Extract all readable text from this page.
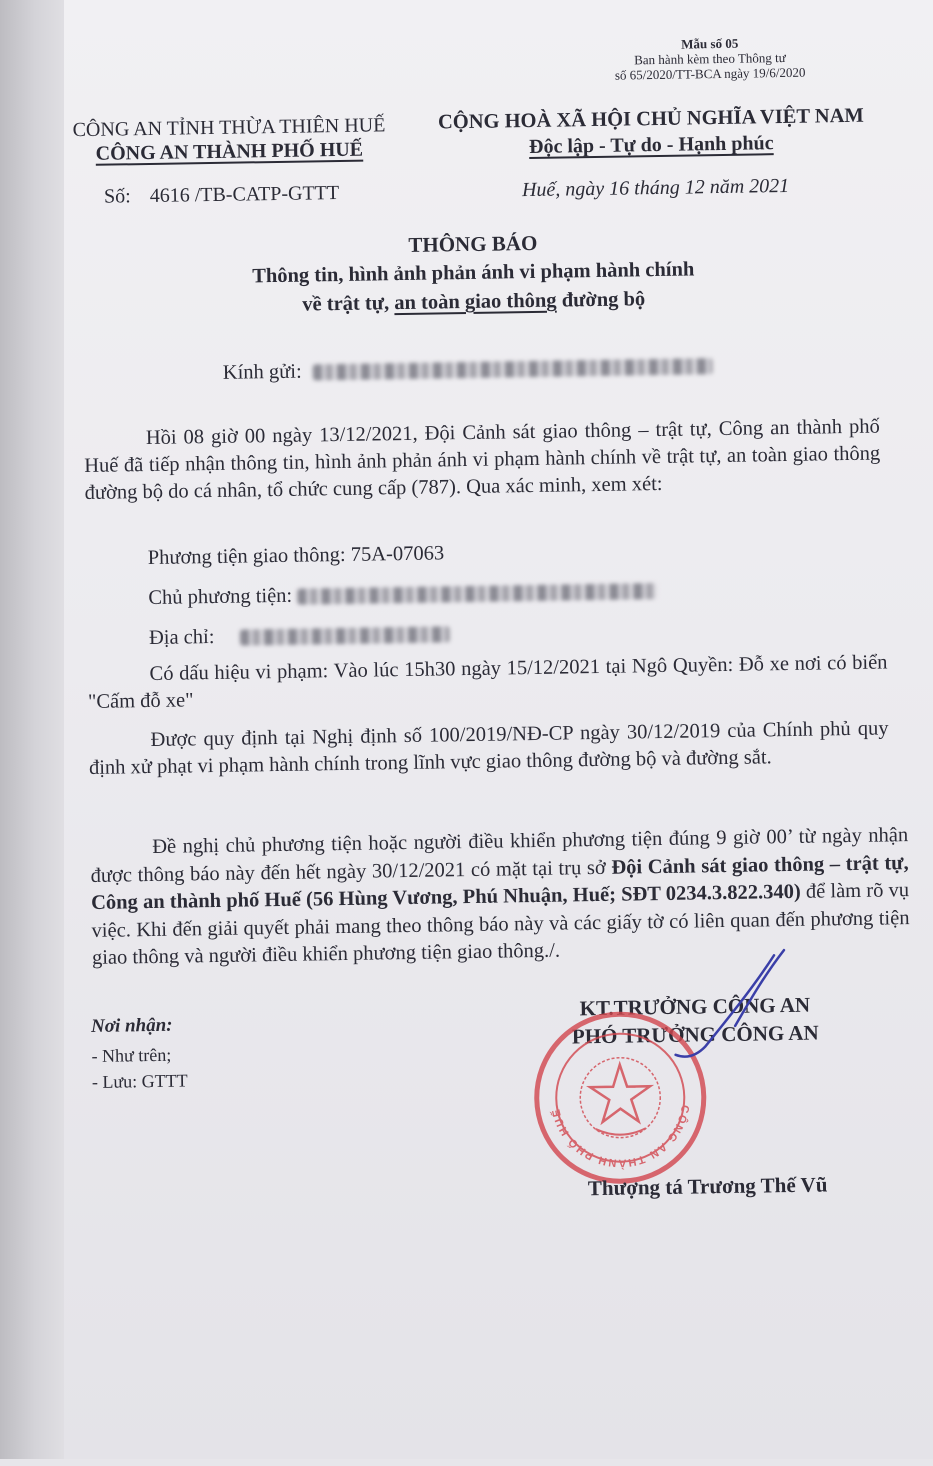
Mẫu số 05
Ban hành kèm theo Thông tư
số 65/2020/TT-BCA ngày 19/6/2020
CÔNG AN TỈNH THỪA THIÊN HUẾ
CÔNG AN THÀNH PHỐ HUẾ
CỘNG HOÀ XÃ HỘI CHỦ NGHĨA VIỆT NAM
Độc lập - Tự do - Hạnh phúc
Số: 4616 /TB-CATP-GTTT	Huế, ngày 16 tháng 12 năm 2021
THÔNG BÁO
Thông tin, hình ảnh phản ánh vi phạm hành chính
về trật tự, an toàn giao thông đường bộ
Kính gửi:
Hồi 08 giờ 00 ngày 13/12/2021, Đội Cảnh sát giao thông – trật tự, Công an thành phố Huế đã tiếp nhận thông tin, hình ảnh phản ánh vi phạm hành chính về trật tự, an toàn giao thông đường bộ do cá nhân, tổ chức cung cấp (787). Qua xác minh, xem xét:
Phương tiện giao thông: 75A-07063
Chủ phương tiện:
Địa chỉ:
Có dấu hiệu vi phạm: Vào lúc 15h30 ngày 15/12/2021 tại Ngô Quyền: Đỗ xe nơi có biển "Cấm đỗ xe"
Được quy định tại Nghị định số 100/2019/NĐ-CP ngày 30/12/2019 của Chính phủ quy định xử phạt vi phạm hành chính trong lĩnh vực giao thông đường bộ và đường sắt.
Đề nghị chủ phương tiện hoặc người điều khiển phương tiện đúng 9 giờ 00’ từ ngày nhận được thông báo này đến hết ngày 30/12/2021 có mặt tại trụ sở Đội Cảnh sát giao thông – trật tự, Công an thành phố Huế (56 Hùng Vương, Phú Nhuận, Huế; SĐT 0234.3.822.340) để làm rõ vụ việc. Khi đến giải quyết phải mang theo thông báo này và các giấy tờ có liên quan đến phương tiện giao thông và người điều khiển phương tiện giao thông./.
Nơi nhận:
- Như trên;
- Lưu: GTTT
KT.TRƯỞNG CÔNG AN
PHÓ TRƯỞNG CÔNG AN
CÔNG AN THÀNH PHỐ HUẾ
Thượng tá Trương Thế Vũ
